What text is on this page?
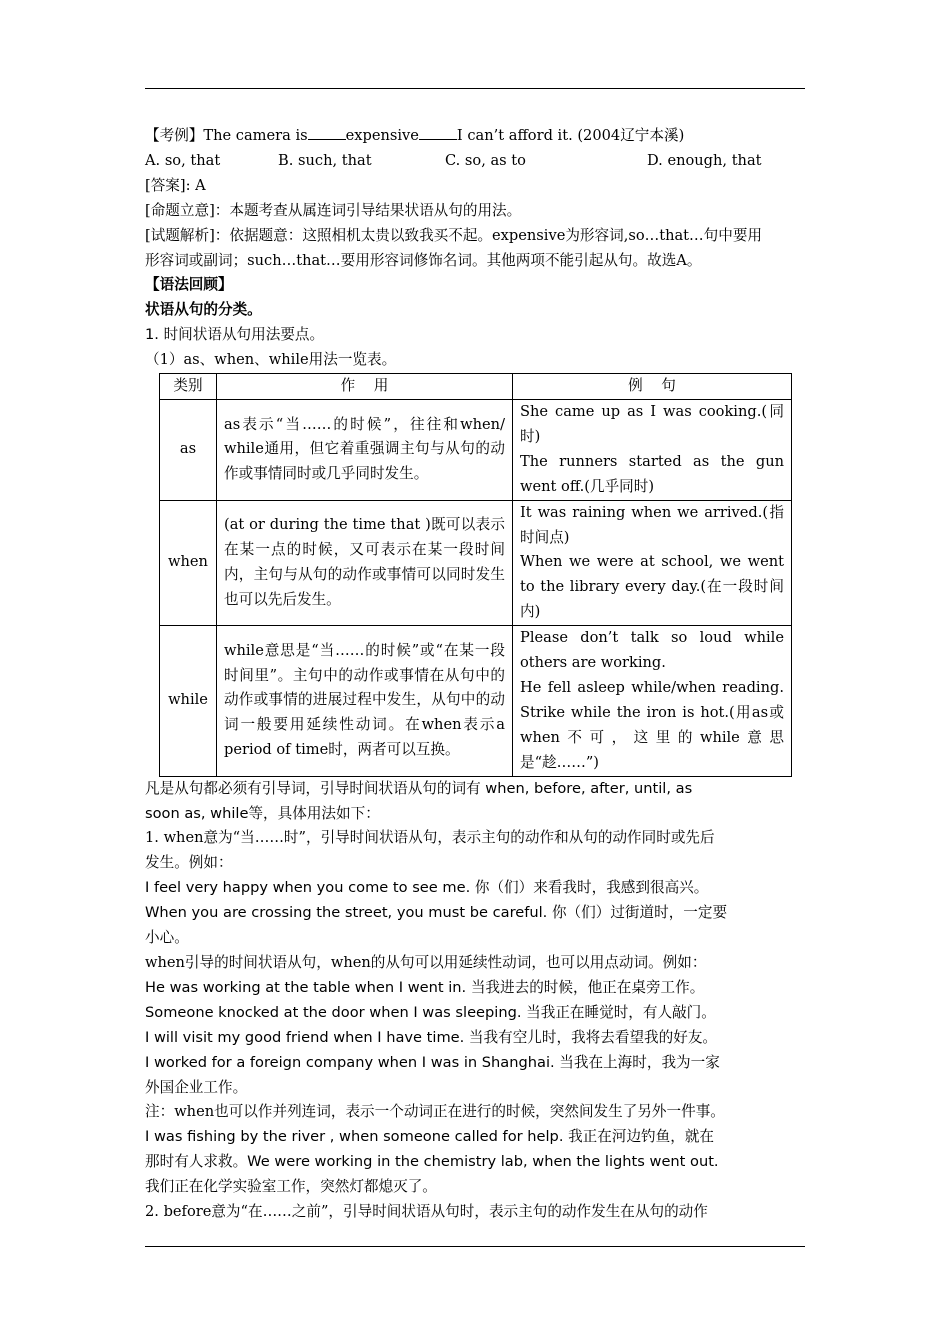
【考例】The camera is	expensive	I can’t afford it. (2004辽宁本溪)
A. so, that	B. such, that	C. so, as to	D. enough, that
[答案]: A
[命题立意]：本题考查从属连词引导结果状语从句的用法。
[试题解析]：依据题意：这照相机太贵以致我买不起。expensive为形容词,so…that…句中要用
形容词或副词；such…that…要用形容词修饰名词。其他两项不能引起从句。故选A。
【语法回顾】
状语从句的分类。
1. 时间状语从句用法要点。
（1）as、when、while用法一览表。
类别	作    用	例    句
as	as表示“当……的时候”，往往和when/ while通用，但它着重强调主句与从句的动作或事情同时或几乎同时发生。	She came up as I was cooking.(同时)
The runners started as the gun went off.(几乎同时)

when	(at or during the time that )既可以表示在某一点的时候，又可表示在某一段时间内，主句与从句的动作或事情可以同时发生也可以先后发生。	It was raining when we arrived.(指时间点)
When we were at school, we went to the library every day.(在一段时间内)

while	while意思是“当……的时候”或“在某一段时间里”。主句中的动作或事情在从句中的动作或事情的进展过程中发生，从句中的动词一般要用延续性动词。在when表示a period of time时，两者可以互换。	Please don’t talk so loud while others are working.
He fell asleep while/when reading. Strike while the iron is hot.(用as或when不可，这里的while意思是“趁……”)
凡是从句都必须有引导词，引导时间状语从句的词有 when, before, after, until, as
soon as, while等，具体用法如下：
1. when意为“当……时”，引导时间状语从句，表示主句的动作和从句的动作同时或先后
发生。例如：
I feel very happy when you come to see me. 你（们）来看我时，我感到很高兴。
When you are crossing the street, you must be careful. 你（们）过街道时，一定要
小心。
when引导的时间状语从句，when的从句可以用延续性动词，也可以用点动词。例如：
He was working at the table when I went in. 当我进去的时候，他正在桌旁工作。
Someone knocked at the door when I was sleeping. 当我正在睡觉时，有人敲门。
I will visit my good friend when I have time. 当我有空儿时，我将去看望我的好友。
I worked for a foreign company when I was in Shanghai. 当我在上海时，我为一家
外国企业工作。
注：when也可以作并列连词，表示一个动词正在进行的时候，突然间发生了另外一件事。
I was fishing by the river , when someone called for help. 我正在河边钓鱼，就在
那时有人求救。We were working in the chemistry lab, when the lights went out.
我们正在化学实验室工作，突然灯都熄灭了。
2. before意为“在……之前”，引导时间状语从句时，表示主句的动作发生在从句的动作
